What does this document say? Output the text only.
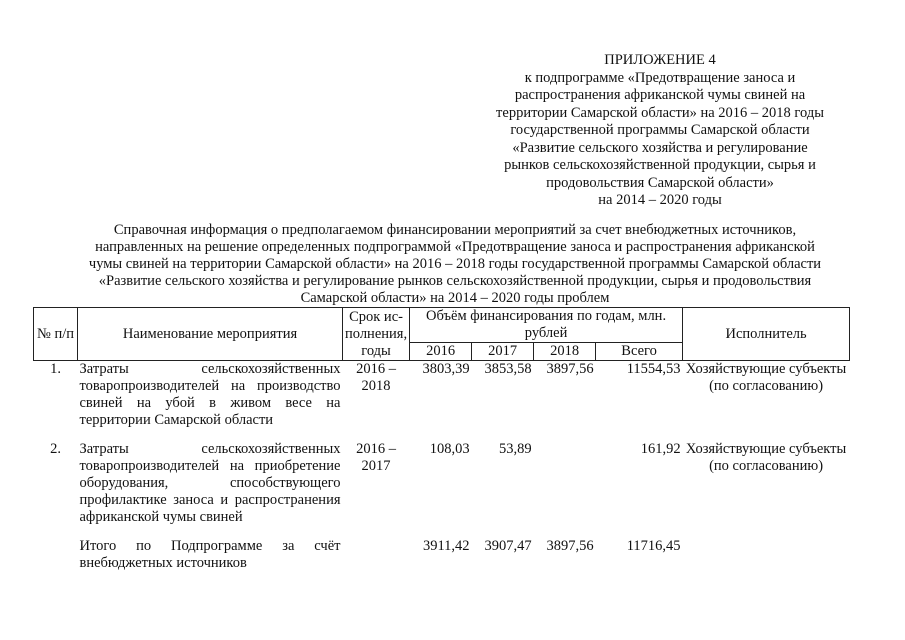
ПРИЛОЖЕНИЕ 4
к подпрограмме «Предотвращение заноса и
распространения африканской чумы свиней на
территории Самарской области» на 2016 – 2018 годы
государственной программы Самарской области
«Развитие сельского хозяйства и регулирование
рынков сельскохозяйственной продукции, сырья и
продовольствия Самарской области»
на 2014 – 2020 годы
Справочная информация о предполагаемом финансировании мероприятий за счет внебюджетных источников,
направленных на решение определенных подпрограммой «Предотвращение заноса и распространения африканской
чумы свиней на территории Самарской области» на 2016 – 2018 годы государственной программы Самарской области
«Развитие сельского хозяйства и регулирование рынков сельскохозяйственной продукции, сырья и продовольствия
Самарской области» на 2014 – 2020 годы проблем
№ п/п	Наименование мероприятия	Срок ис-полнения, годы	Объём финансирования по годам, млн. рублей				Исполнитель
			2016	2017	2018	Всего	
1.	Затраты сельскохозяйственных товаропроизводителей на производство свиней на убой в живом весе на территории Самарской области	2016 – 2018	3803,39	3853,58	3897,56	11554,53	Хозяйствующие субъекты (по согласованию)
2.	Затраты сельскохозяйственных товаропроизводителей на приобретение оборудования, способствующего профилактике заноса и распространения африканской чумы свиней	2016 – 2017	108,03	53,89		161,92	Хозяйствующие субъекты (по согласованию)
	Итого по Подпрограмме за счёт внебюджетных источников		3911,42	3907,47	3897,56	11716,45	
